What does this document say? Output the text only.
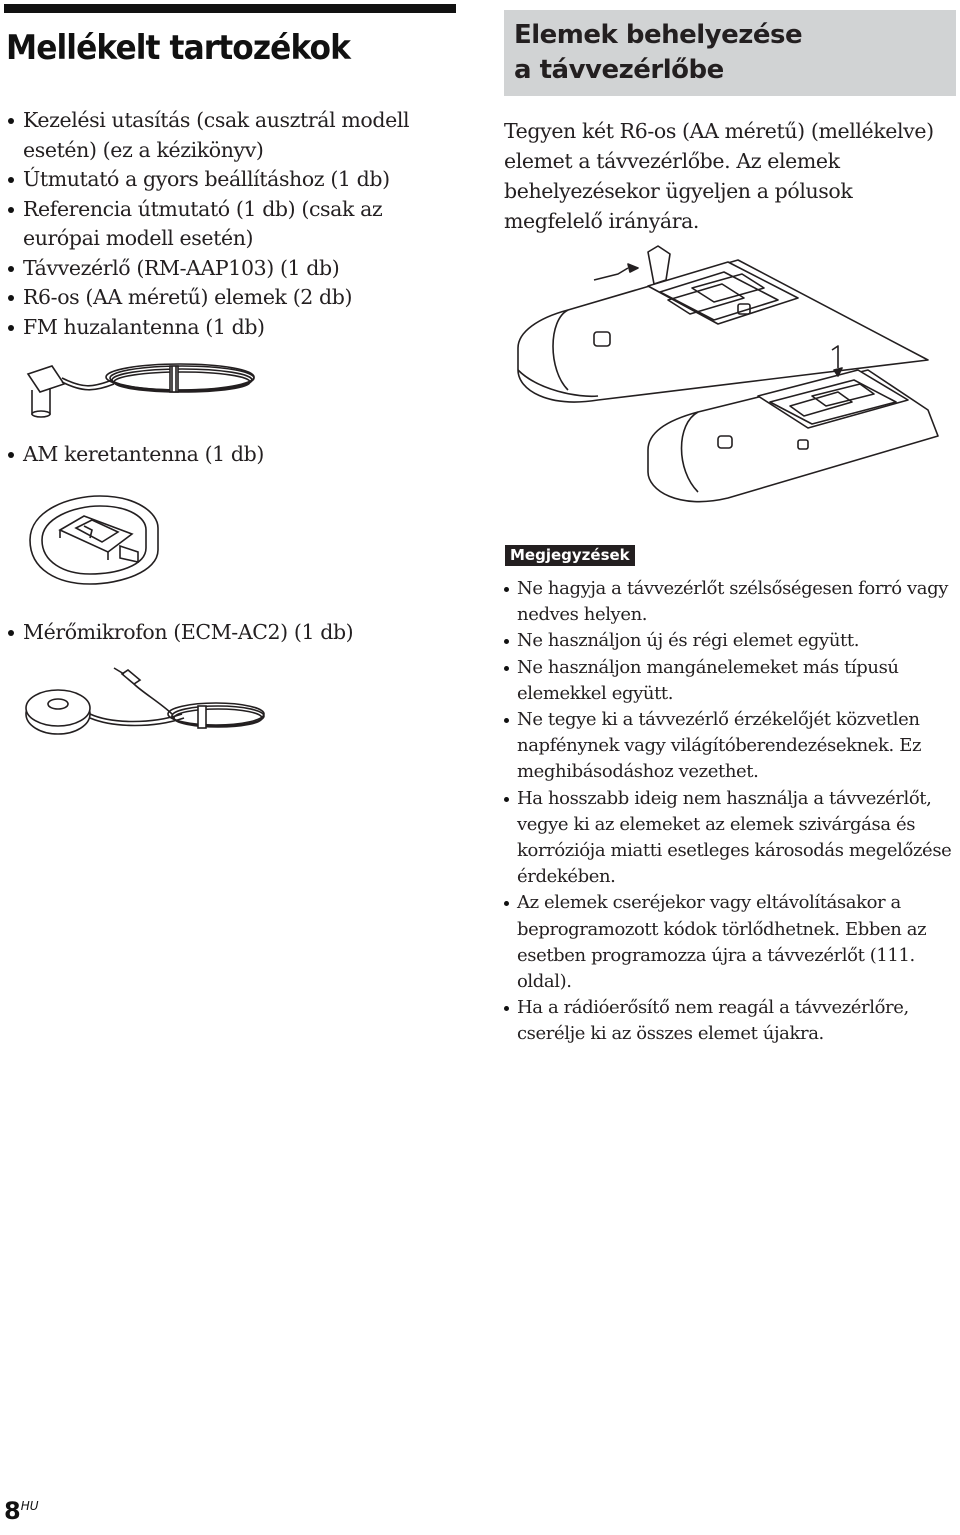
Mellékelt tartozékok
Kezelési utasítás (csak ausztrál modell esetén) (ez a kézikönyv)
Útmutató a gyors beállításhoz (1 db)
Referencia útmutató (1 db) (csak az európai modell esetén)
Távvezérlő (RM-AAP103) (1 db)
R6-os (AA méretű) elemek (2 db)
FM huzalantenna (1 db)
AM keretantenna (1 db)
Mérőmikrofon (ECM-AC2) (1 db)
Elemek behelyezése
a távvezérlőbe

Tegyen két R6-os (AA méretű) (mellékelve) elemet a távvezérlőbe. Az elemek behelyezésekor ügyeljen a pólusok megfelelő irányára.

Megjegyzések
Ne hagyja a távvezérlőt szélsőségesen forró vagy nedves helyen.
Ne használjon új és régi elemet együtt.
Ne használjon mangánelemeket más típusú elemekkel együtt.
Ne tegye ki a távvezérlő érzékelőjét közvetlen napfénynek vagy világítóberendezéseknek. Ez meghibásodáshoz vezethet.
Ha hosszabb ideig nem használja a távvezérlőt, vegye ki az elemeket az elemek szivárgása és korróziója miatti esetleges károsodás megelőzése érdekében.
Az elemek cseréjekor vagy eltávolításakor a beprogramozott kódok törlődhetnek. Ebben az esetben programozza újra a távvezérlőt (111. oldal).
Ha a rádióerősítő nem reagál a távvezérlőre, cserélje ki az összes elemet újakra.
$8^{HU}$
